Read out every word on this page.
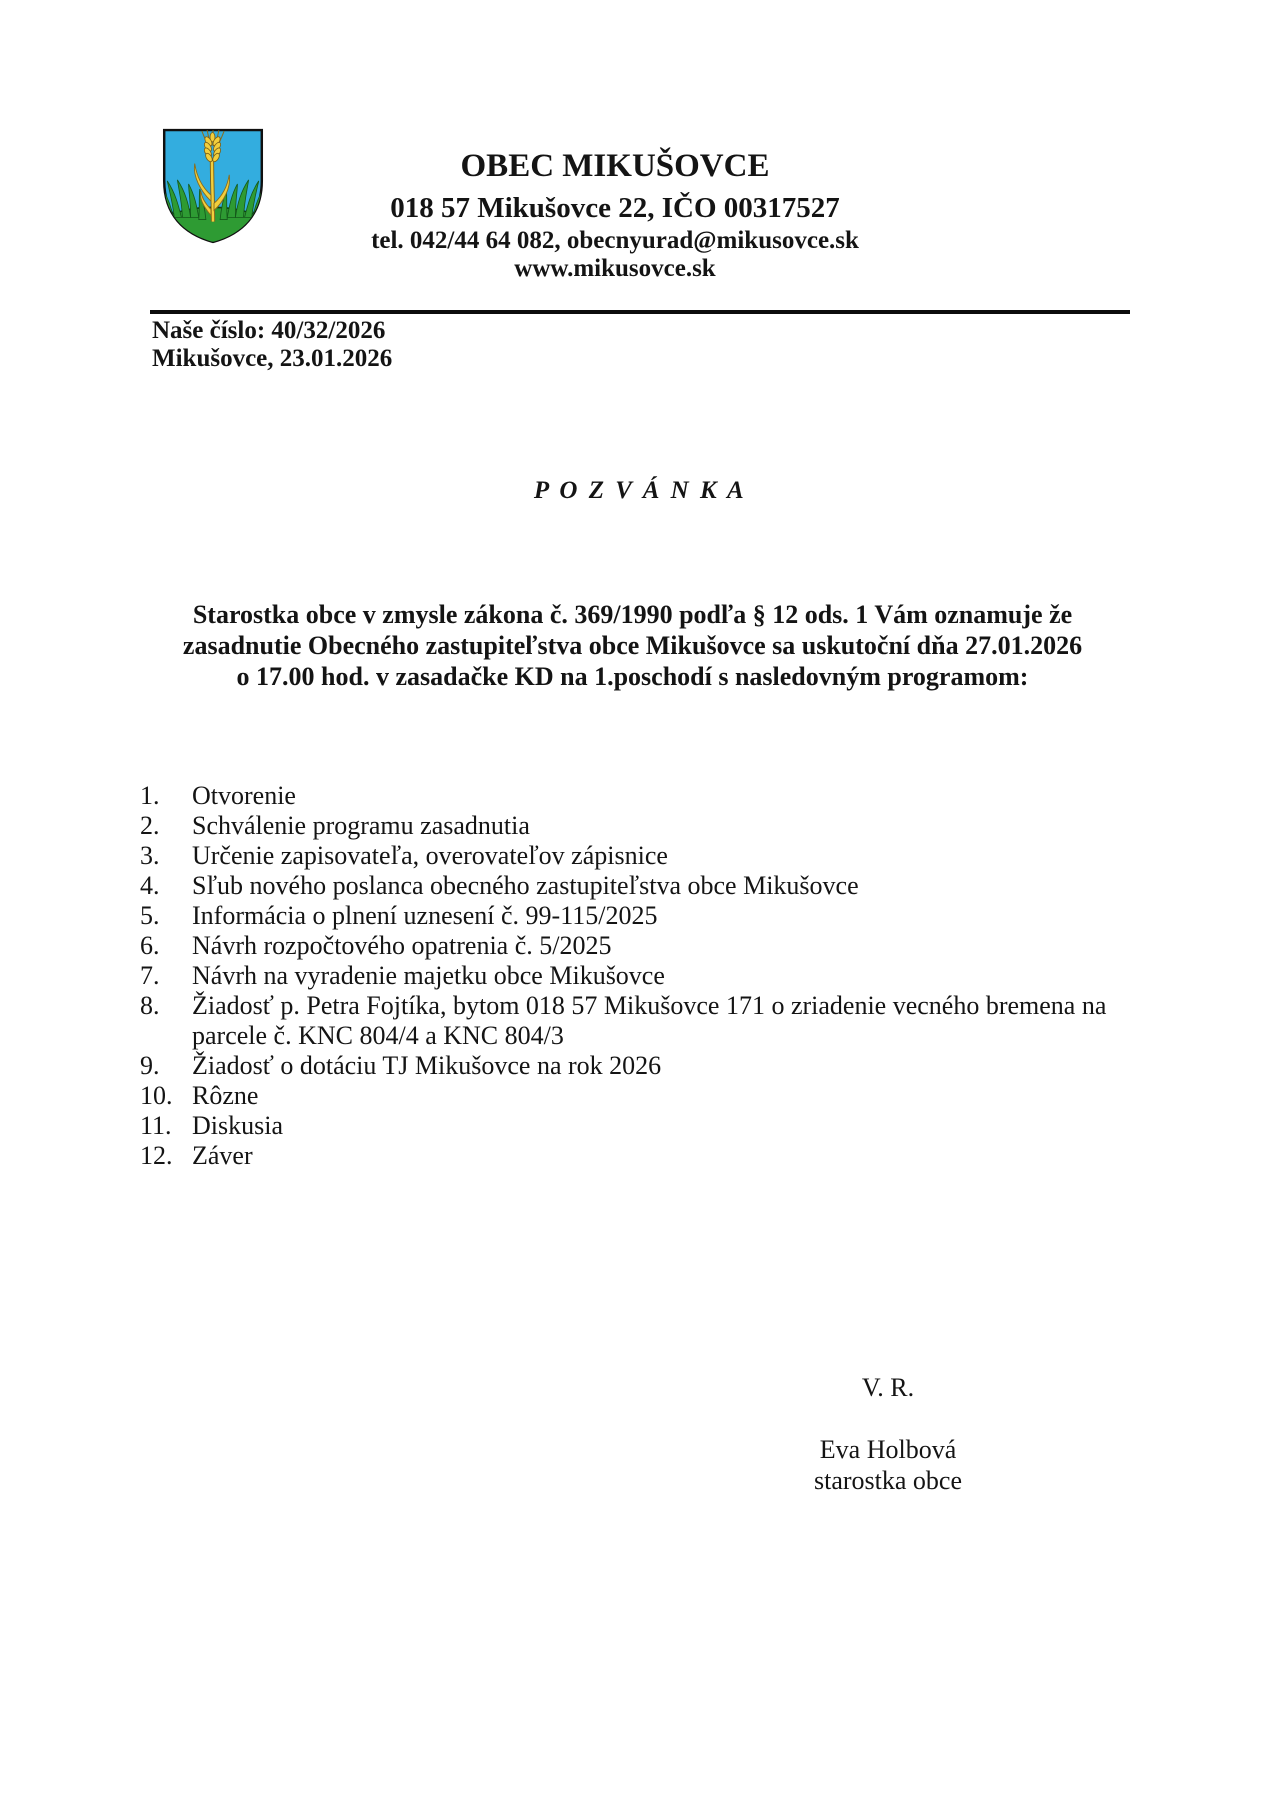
OBEC MIKUŠOVCE
018 57 Mikušovce 22, IČO 00317527
tel. 042/44 64 082, obecnyurad@mikusovce.sk
www.mikusovce.sk
Naše číslo: 40/32/2026
Mikušovce, 23.01.2026
P O Z V Á N K A
Starostka obce v zmysle zákona č. 369/1990 podľa § 12 ods. 1 Vám oznamuje že
zasadnutie Obecného zastupiteľstva obce Mikušovce sa uskutoční dňa 27.01.2026
o 17.00 hod. v zasadačke KD na 1.poschodí s nasledovným programom:
1.	Otvorenie
2.	Schválenie programu zasadnutia
3.	Určenie zapisovateľa, overovateľov zápisnice
4.	Sľub nového poslanca obecného zastupiteľstva obce Mikušovce
5.	Informácia o plnení uznesení č. 99-115/2025
6.	Návrh rozpočtového opatrenia č. 5/2025
7.	Návrh na vyradenie majetku obce Mikušovce
8.	Žiadosť p. Petra Fojtíka, bytom 018 57 Mikušovce 171 o zriadenie vecného bremena na parcele č. KNC 804/4 a KNC 804/3
9.	Žiadosť o dotáciu TJ Mikušovce na rok 2026
10. Rôzne
11. Diskusia
12. Záver
V. R.
Eva Holbová
starostka obce
